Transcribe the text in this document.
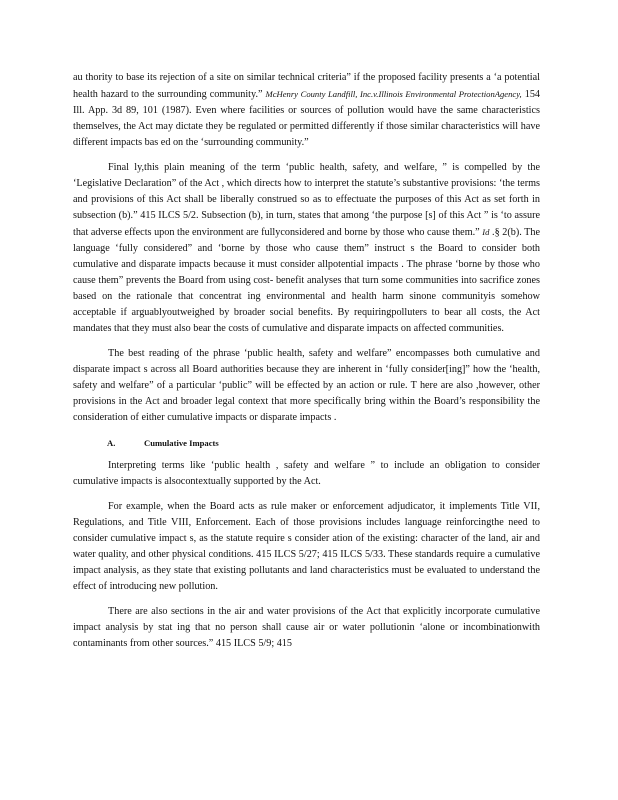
au thority to base its rejection of a site on similar technical criteria” if the proposed facility presents a ‘a potential health hazard to the surrounding community.” McHenry County Landfill, Inc.v.Illinois Environmental ProtectionAgency, 154 Ill. App. 3d 89, 101 (1987). Even where facilities or sources of pollution would have the same characteristics themselves, the Act may dictate they be regulated or permitted differently if those similar characteristics will have different impacts bas ed on the ‘surrounding community.”

Final ly,this plain meaning of the term ‘public health, safety, and welfare, ” is compelled by the ‘Legislative Declaration” of the Act , which directs how to interpret the statute’s substantive provisions: ‘the terms and provisions of this Act shall be liberally construed so as to effectuate the purposes of this Act as set forth in subsection (b).” 415 ILCS 5/2. Subsection (b), in turn, states that among ‘the purpose [s] of this Act ” is ‘to assure that adverse effects upon the environment are fullyconsidered and borne by those who cause them.” Id .§ 2(b). The language ‘fully considered” and ‘borne by those who cause them” instruct s the Board to consider both cumulative and disparate impacts because it must consider allpotential impacts . The phrase ‘borne by those who cause them” prevents the Board from using cost- benefit analyses that turn some communities into sacrifice zones based on the rationale that concentrat ing environmental and health harm sinone communityis somehow acceptable if arguablyoutweighed by broader social benefits. By requiringpolluters to bear all costs, the Act mandates that they must also bear the costs of cumulative and disparate impacts on affected communities.

The best reading of the phrase ‘public health, safety and welfare” encompasses both cumulative and disparate impact s across all Board authorities because they are inherent in ‘fully consider[ing]” how the ‘health, safety and welfare” of a particular ‘public” will be effected by an action or rule. T here are also ,however, other provisions in the Act and broader legal context that more specifically bring within the Board’s responsibility the consideration of either cumulative impacts or disparate impacts .

A.	Cumulative Impacts

Interpreting terms like ‘public health , safety and welfare ” to include an obligation to consider cumulative impacts is alsocontextually supported by the Act.

For example, when the Board acts as rule maker or enforcement adjudicator, it implements Title VII, Regulations, and Title VIII, Enforcement. Each of those provisions includes language reinforcingthe need to consider cumulative impact s, as the statute require s consider ation of the existing: character of the land, air and water quality, and other physical conditions. 415 ILCS 5/27; 415 ILCS 5/33. These standards require a cumulative impact analysis, as they state that existing pollutants and land characteristics must be evaluated to understand the effect of introducing new pollution.

There are also sections in the air and water provisions of the Act that explicitly incorporate cumulative impact analysis by stat ing that no person shall cause air or water pollutionin ‘alone or incombinationwith contaminants from other sources.” 415 ILCS 5/9; 415
